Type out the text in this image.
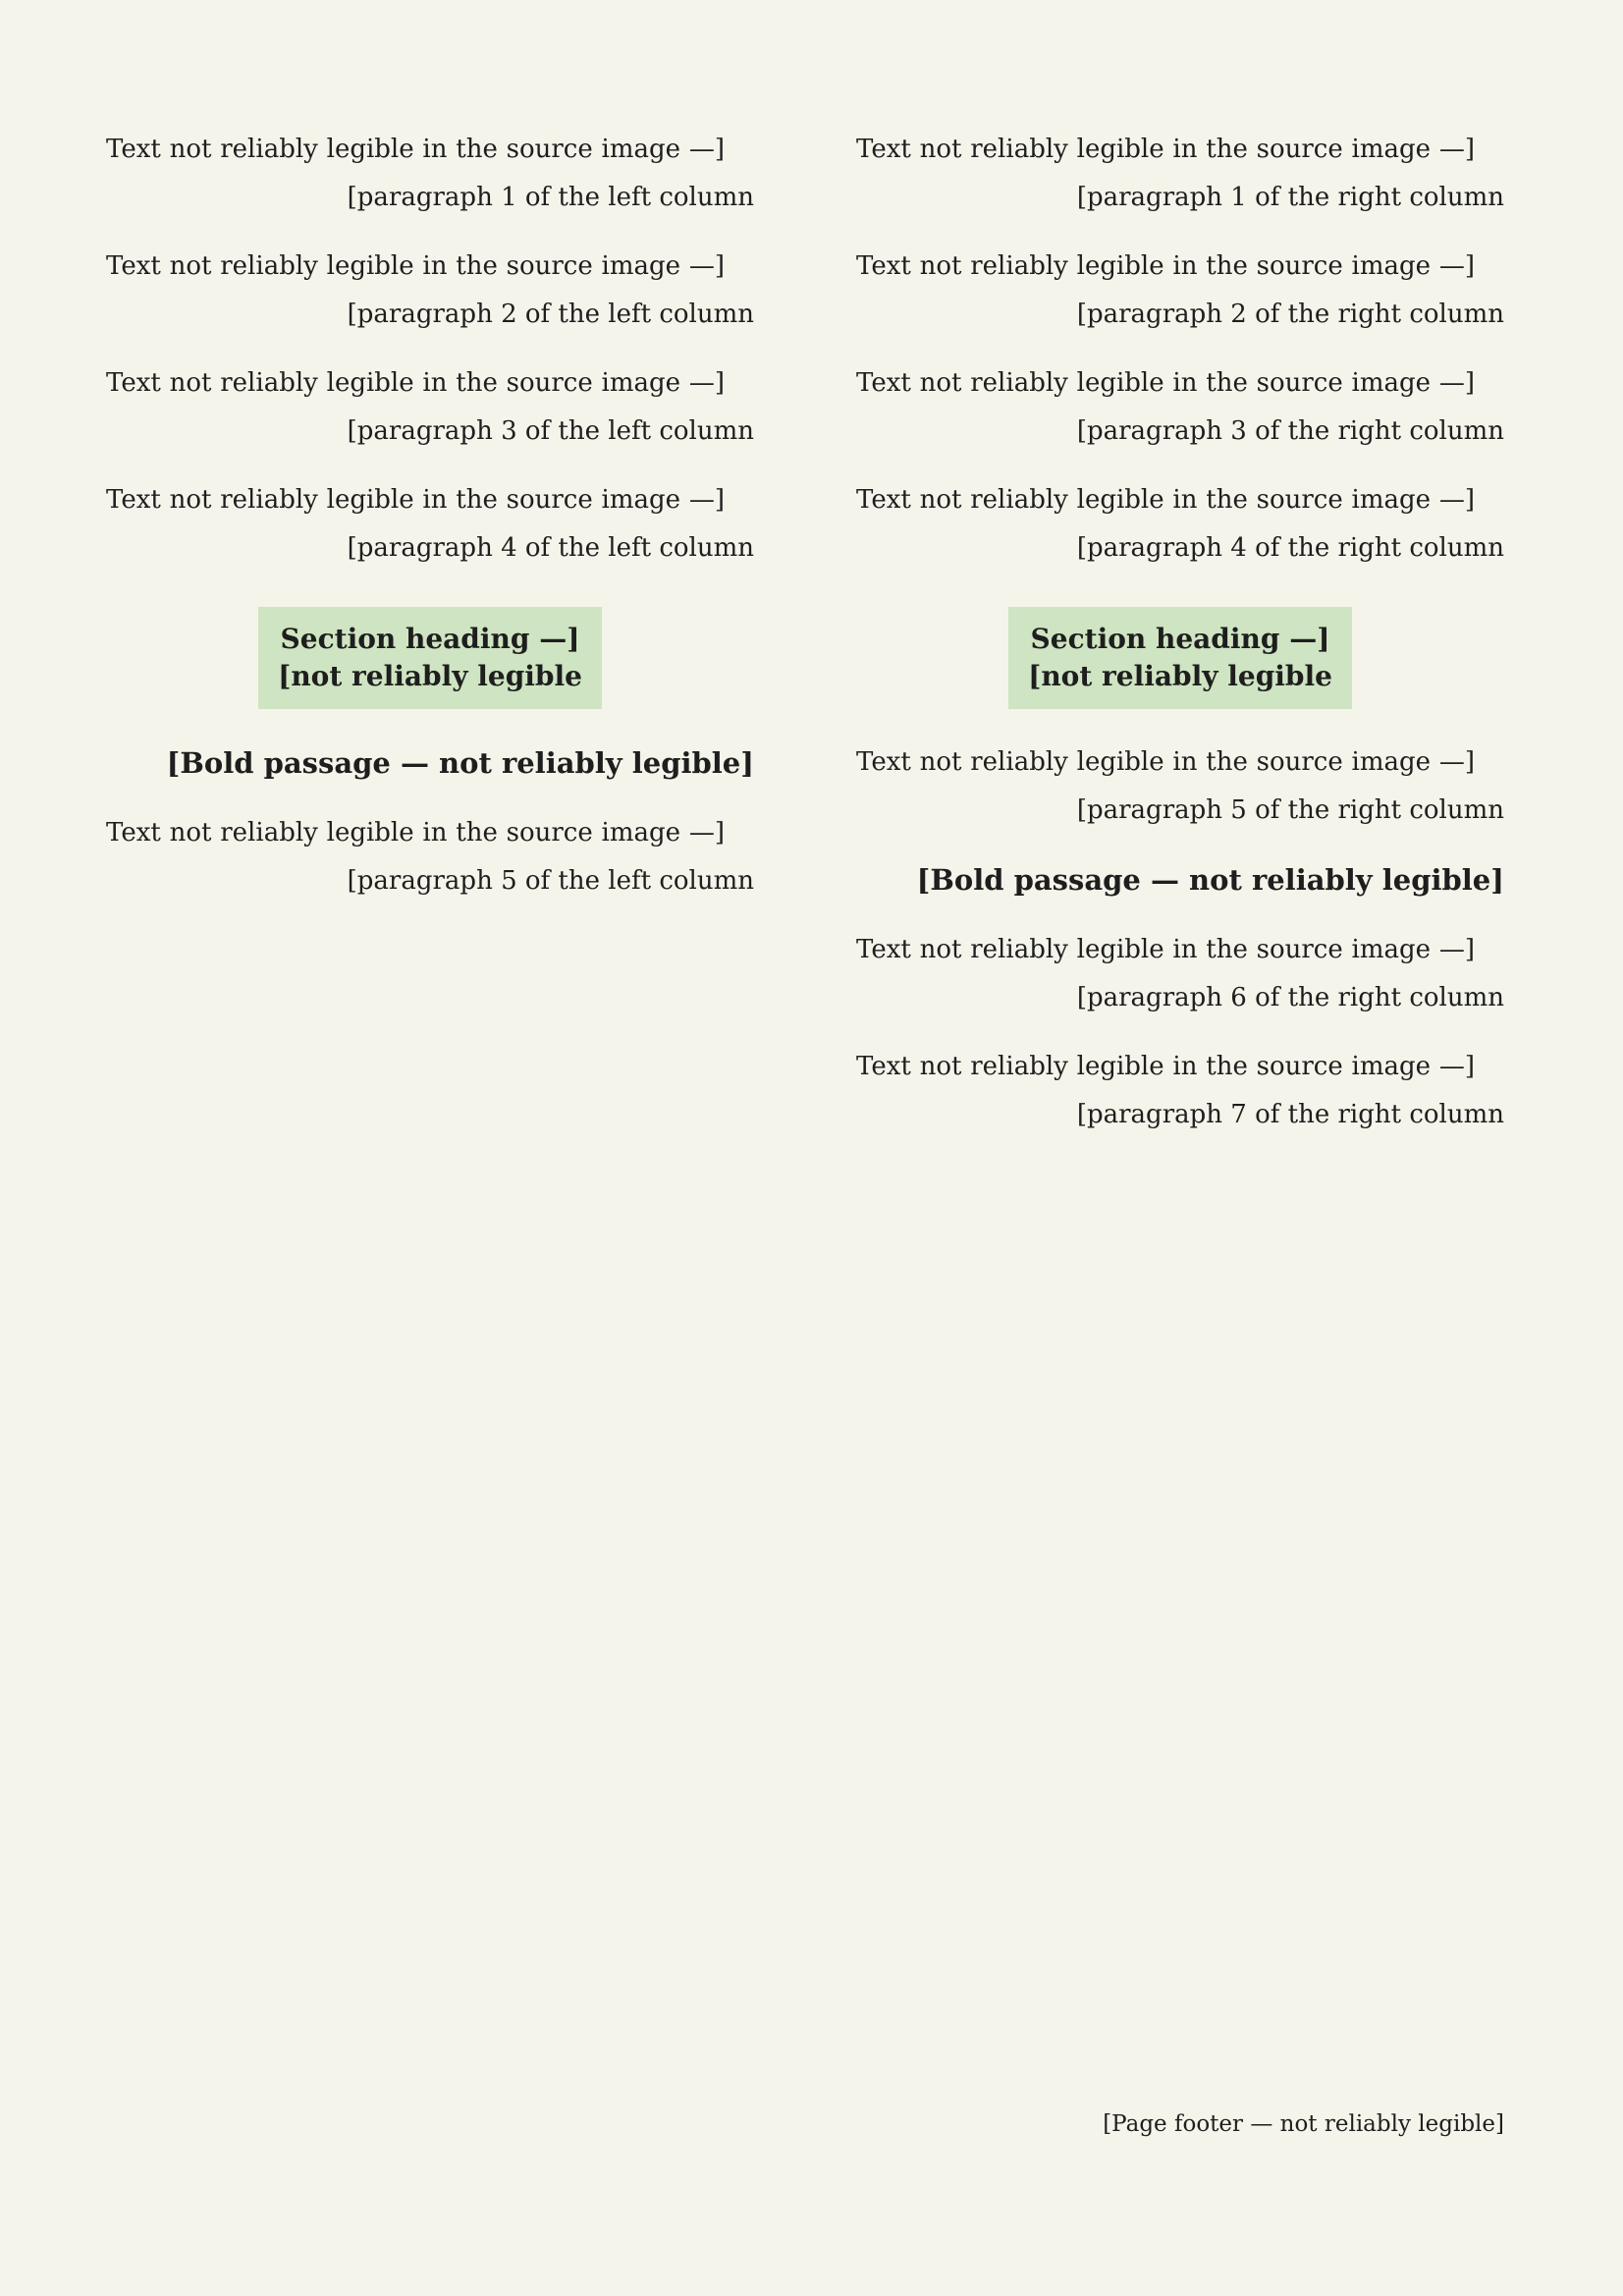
[Text not reliably legible in the source image — paragraph 1 of the right column]

[Text not reliably legible in the source image — paragraph 2 of the right column]

[Text not reliably legible in the source image — paragraph 3 of the right column]

[Text not reliably legible in the source image — paragraph 4 of the right column]

[Section heading — not reliably legible]

[Text not reliably legible in the source image — paragraph 5 of the right column]

[Bold passage — not reliably legible]

[Text not reliably legible in the source image — paragraph 6 of the right column]

[Text not reliably legible in the source image — paragraph 7 of the right column]

[Text not reliably legible in the source image — paragraph 1 of the left column]

[Text not reliably legible in the source image — paragraph 2 of the left column]

[Text not reliably legible in the source image — paragraph 3 of the left column]

[Text not reliably legible in the source image — paragraph 4 of the left column]

[Section heading — not reliably legible]

[Bold passage — not reliably legible]

[Text not reliably legible in the source image — paragraph 5 of the left column]

[Page footer — not reliably legible]
